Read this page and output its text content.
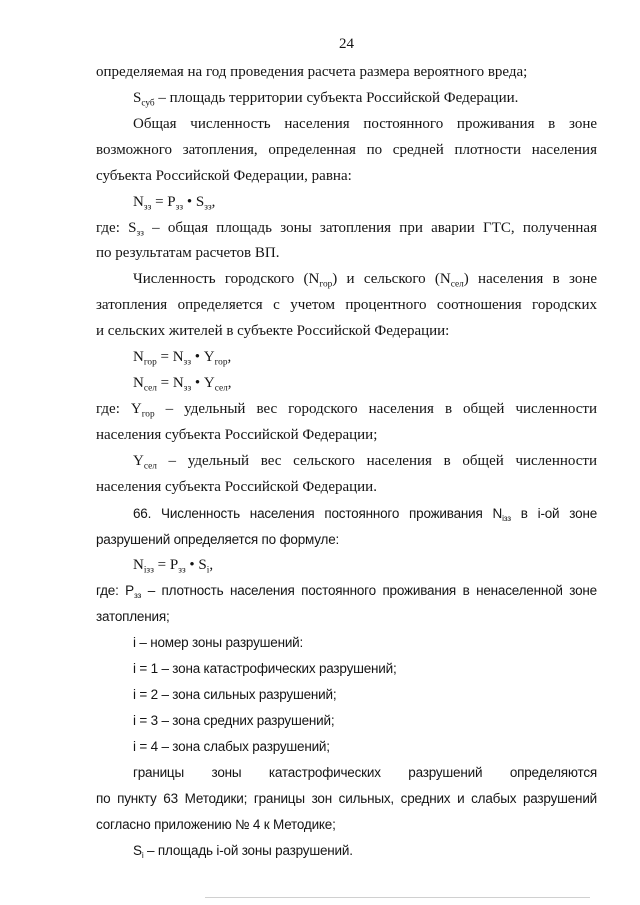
24
определяемая на год проведения расчета размера вероятного вреда;
$S_{суб}$ – площадь территории субъекта Российской Федерации.
Общая численность населения постоянного проживания в зоне
возможного затопления, определенная по средней плотности населения
субъекта Российской Федерации, равна:
$N_{зз} = P_{зз}$ • $S_{зз}$,
где: $S_{зз}$ – общая площадь зоны затопления при аварии ГТС, полученная
по результатам расчетов ВП.
Численность городского $(N_{гор})$ и сельского $(N_{сел})$ населения в зоне
затопления определяется с учетом процентного соотношения городских
и сельских жителей в субъекте Российской Федерации:
$N_{гор} = N_{зз}$ • $Y_{гор}$,
$N_{сел} = N_{зз}$ • $Y_{сел}$,
где: $Y_{гор}$ – удельный вес городского населения в общей численности
населения субъекта Российской Федерации;
$Y_{сел}$ – удельный вес сельского населения в общей численности
населения субъекта Российской Федерации.
66. Численность населения постоянного проживания $N_{iзз}$ в i-ой зоне
разрушений определяется по формуле:
$N_{iзз} = P_{зз}$ • $S_i$,
где: $P_{зз}$ – плотность населения постоянного проживания в ненаселенной зоне
затопления;
i – номер зоны разрушений:
i = 1 – зона катастрофических разрушений;
i = 2 – зона сильных разрушений;
i = 3 – зона средних разрушений;
i = 4 – зона слабых разрушений;
границы зоны катастрофических разрушений определяются
по пункту 63 Методики; границы зон сильных, средних и слабых разрушений
согласно приложению № 4 к Методике;
$S_i$ – площадь i-ой зоны разрушений.
